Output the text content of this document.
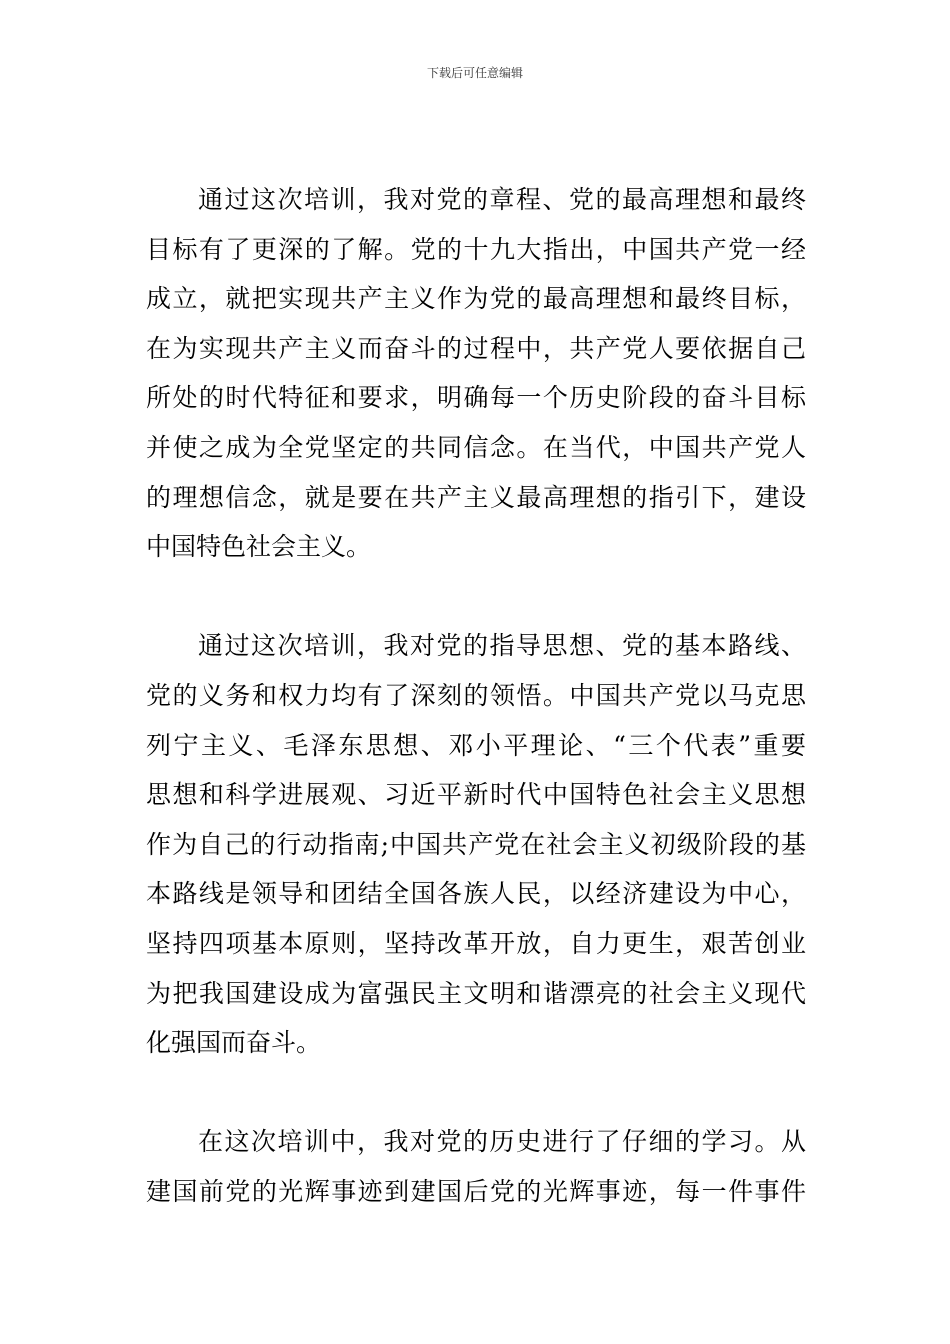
下载后可任意编辑
通过这次培训，我对党的章程、党的最高理想和最终
目标有了更深的了解。党的十九大指出，中国共产党一经
成立，就把实现共产主义作为党的最高理想和最终目标，
在为实现共产主义而奋斗的过程中，共产党人要依据自己
所处的时代特征和要求，明确每一个历史阶段的奋斗目标
并使之成为全党坚定的共同信念。在当代，中国共产党人
的理想信念，就是要在共产主义最高理想的指引下，建设
中国特色社会主义。
通过这次培训，我对党的指导思想、党的基本路线、
党的义务和权力均有了深刻的领悟。中国共产党以马克思
列宁主义、毛泽东思想、邓小平理论、“三个代表”重要
思想和科学进展观、习近平新时代中国特色社会主义思想
作为自己的行动指南;中国共产党在社会主义初级阶段的基
本路线是领导和团结全国各族人民，以经济建设为中心，
坚持四项基本原则，坚持改革开放，自力更生，艰苦创业
为把我国建设成为富强民主文明和谐漂亮的社会主义现代
化强国而奋斗。
在这次培训中，我对党的历史进行了仔细的学习。从
建国前党的光辉事迹到建国后党的光辉事迹，每一件事件
